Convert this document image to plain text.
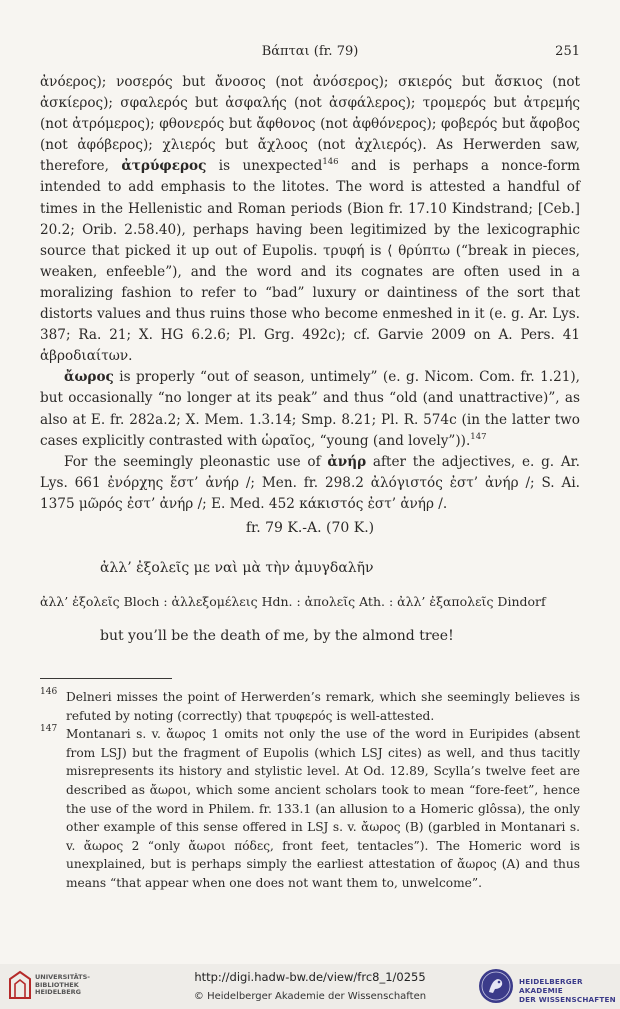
Βάπται (fr. 79)	251

ἀνόερος); νοσερός but ἄνοσος (not ἀνόσερος); σκιερός but ἄσκιος (not ἀσκίερος); σφαλερός but ἀσφαλής (not ἀσφάλερος); τρομερός but ἀτρεμής (not ἀτρόμερος); φθονερός but ἄφθονος (not ἀφθόνερος); φοβερός but ἄφοβος (not ἀφόβερος); χλιερός but ἄχλοος (not ἀχλιερός). As Herwerden saw, therefore, ἀτρύφερος is unexpected$^{146}$ and is perhaps a nonce-form intended to add emphasis to the litotes. The word is attested a handful of times in the Hellenistic and Roman periods (Bion fr. 17.10 Kindstrand; [Ceb.] 20.2; Orib. 2.58.40), perhaps having been legitimized by the lexicographic source that picked it up out of Eupolis. τρυφή is ⟨ θρύπτω (“break in pieces, weaken, enfeeble”), and the word and its cognates are often used in a moralizing fashion to refer to “bad” luxury or daintiness of the sort that distorts values and thus ruins those who become enmeshed in it (e. g. Ar. Lys. 387; Ra. 21; X. HG 6.2.6; Pl. Grg. 492c); cf. Garvie 2009 on A. Pers. 41 ἁβροδιαίτων.

ἄωρος is properly “out of season, untimely” (e. g. Nicom. Com. fr. 1.21), but occasionally “no longer at its peak” and thus “old (and unattractive)”, as also at E. fr. 282a.2; X. Mem. 1.3.14; Smp. 8.21; Pl. R. 574c (in the latter two cases explicitly contrasted with ὡραῖος, “young (and lovely”)).$^{147}$

For the seemingly pleonastic use of ἀνήρ after the adjectives, e. g. Ar. Lys. 661 ἐνόρχης ἔστ’ ἀνήρ /; Men. fr. 298.2 ἀλόγιστός ἐστ’ ἀνήρ /; S. Ai. 1375 μῶρός ἐστ’ ἀνήρ /; E. Med. 452 κάκιστός ἐστ’ ἀνήρ /.

fr. 79 K.-A. (70 K.)
ἀλλ’ ἐξολεῖς με ναὶ μὰ τὴν ἀμυγδαλῆν
ἀλλ’ ἐξολεῖς Bloch : ἀλλεξομέλεις Hdn. : ἀπολεῖς Ath. : ἀλλ’ ἐξαπολεῖς Dindorf
but you’ll be the death of me, by the almond tree!

146 Delneri misses the point of Herwerden’s remark, which she seemingly believes is refuted by noting (correctly) that τρυφερός is well-attested.

147 Montanari s. v. ἄωρος 1 omits not only the use of the word in Euripides (absent from LSJ) but the fragment of Eupolis (which LSJ cites) as well, and thus tacitly misrepresents its history and stylistic level. At Od. 12.89, Scylla’s twelve feet are described as ἄωροι, which some ancient scholars took to mean “fore-feet”, hence the use of the word in Philem. fr. 133.1 (an allusion to a Homeric glôssa), the only other example of this sense offered in LSJ s. v. ἄωρος (B) (garbled in Montanari s. v. ἄωρος 2 “only ἄωροι πόδες, front feet, tentacles”). The Homeric word is unexplained, but is perhaps simply the earliest attestation of ἄωρος (A) and thus means “that appear when one does not want them to, unwelcome”.

UNIVERSITÄTS-
BIBLIOTHEK
HEIDELBERG
http://digi.hadw-bw.de/view/frc8_1/0255
© Heidelberger Akademie der Wissenschaften
HEIDELBERGER AKADEMIE
DER WISSENSCHAFTEN
